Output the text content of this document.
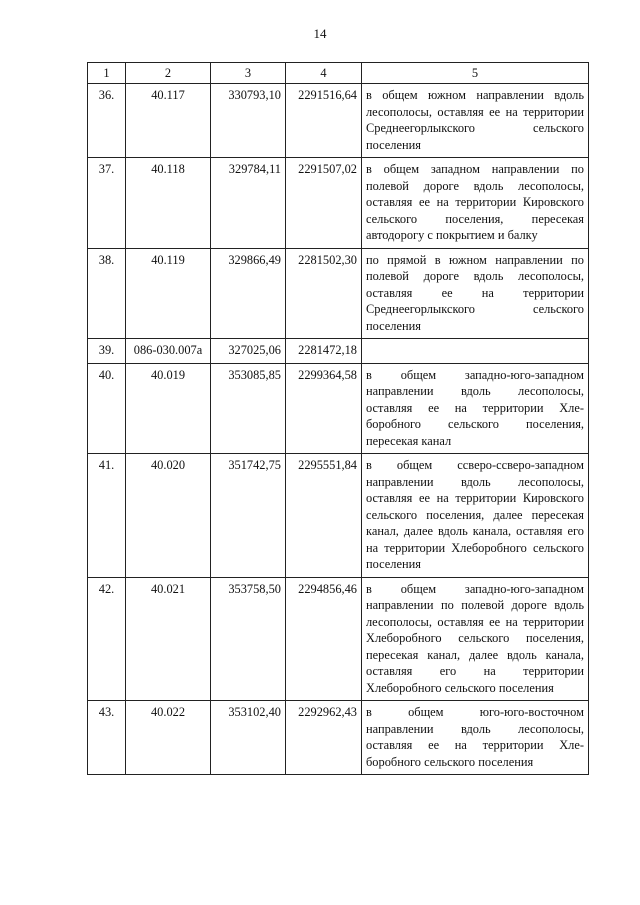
14
1	2	3	4	5
36.	40.117	330793,10	2291516,64	в общем южном направлении вдоль лесополосы, оставляя ее на территории Среднеегорлыкского сельского поселения
37.	40.118	329784,11	2291507,02	в общем западном направлении по полевой дороге вдоль лесополосы, оставляя ее на территории Кировского сельского поселения, пересекая автодорогу с покрытием и балку
38.	40.119	329866,49	2281502,30	по прямой в южном направлении по полевой дороге вдоль лесополосы, оставляя ее на территории Среднеегорлыкского сельского поселения
39.	086-030.007а	327025,06	2281472,18	
40.	40.019	353085,85	2299364,58	в общем западно-юго-западном направлении вдоль лесополосы, оставляя ее на территории Хлеборобного сельского поселения, пересекая канал
41.	40.020	351742,75	2295551,84	в общем ссверо-ссверо-западном направлении вдоль лесополосы, оставляя ее на территории Кировского сельского поселения, далее пересекая канал, далее вдоль канала, оставляя его на территории Хлеборобного сельского поселения
42.	40.021	353758,50	2294856,46	в общем западно-юго-западном направлении по полевой дороге вдоль лесополосы, оставляя ее на территории Хлеборобного сельского поселения, пересекая канал, далее вдоль канала, оставляя его на территории Хлеборобного сельского поселения
43.	40.022	353102,40	2292962,43	в общем юго-юго-восточном направлении вдоль лесополосы, оставляя ее на территории Хлеборобного сельского поселения
